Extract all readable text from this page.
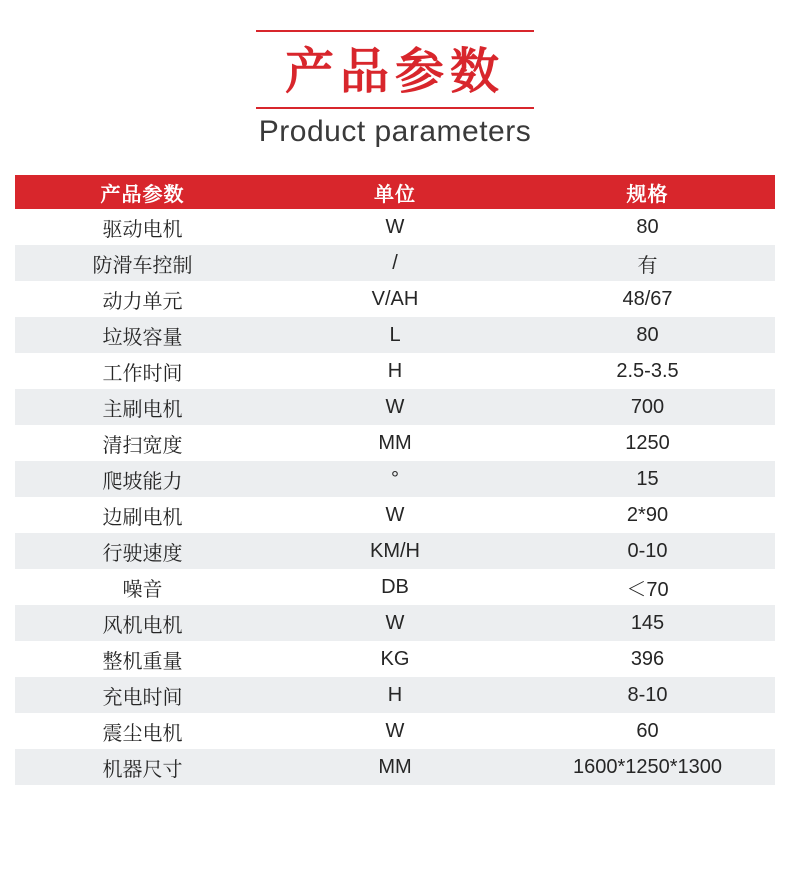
产品参数
Product parameters
产品参数	单位	规格
驱动电机	W	80
防滑车控制	/	有
动力单元	V/AH	48/67
垃圾容量	L	80
工作时间	H	2.5-3.5
主刷电机	W	700
清扫宽度	MM	1250
爬坡能力	°	15
边刷电机	W	2*90
行驶速度	KM/H	0-10
噪音	DB	＜70
风机电机	W	145
整机重量	KG	396
充电时间	H	8-10
震尘电机	W	60
机器尺寸	MM	1600*1250*1300
